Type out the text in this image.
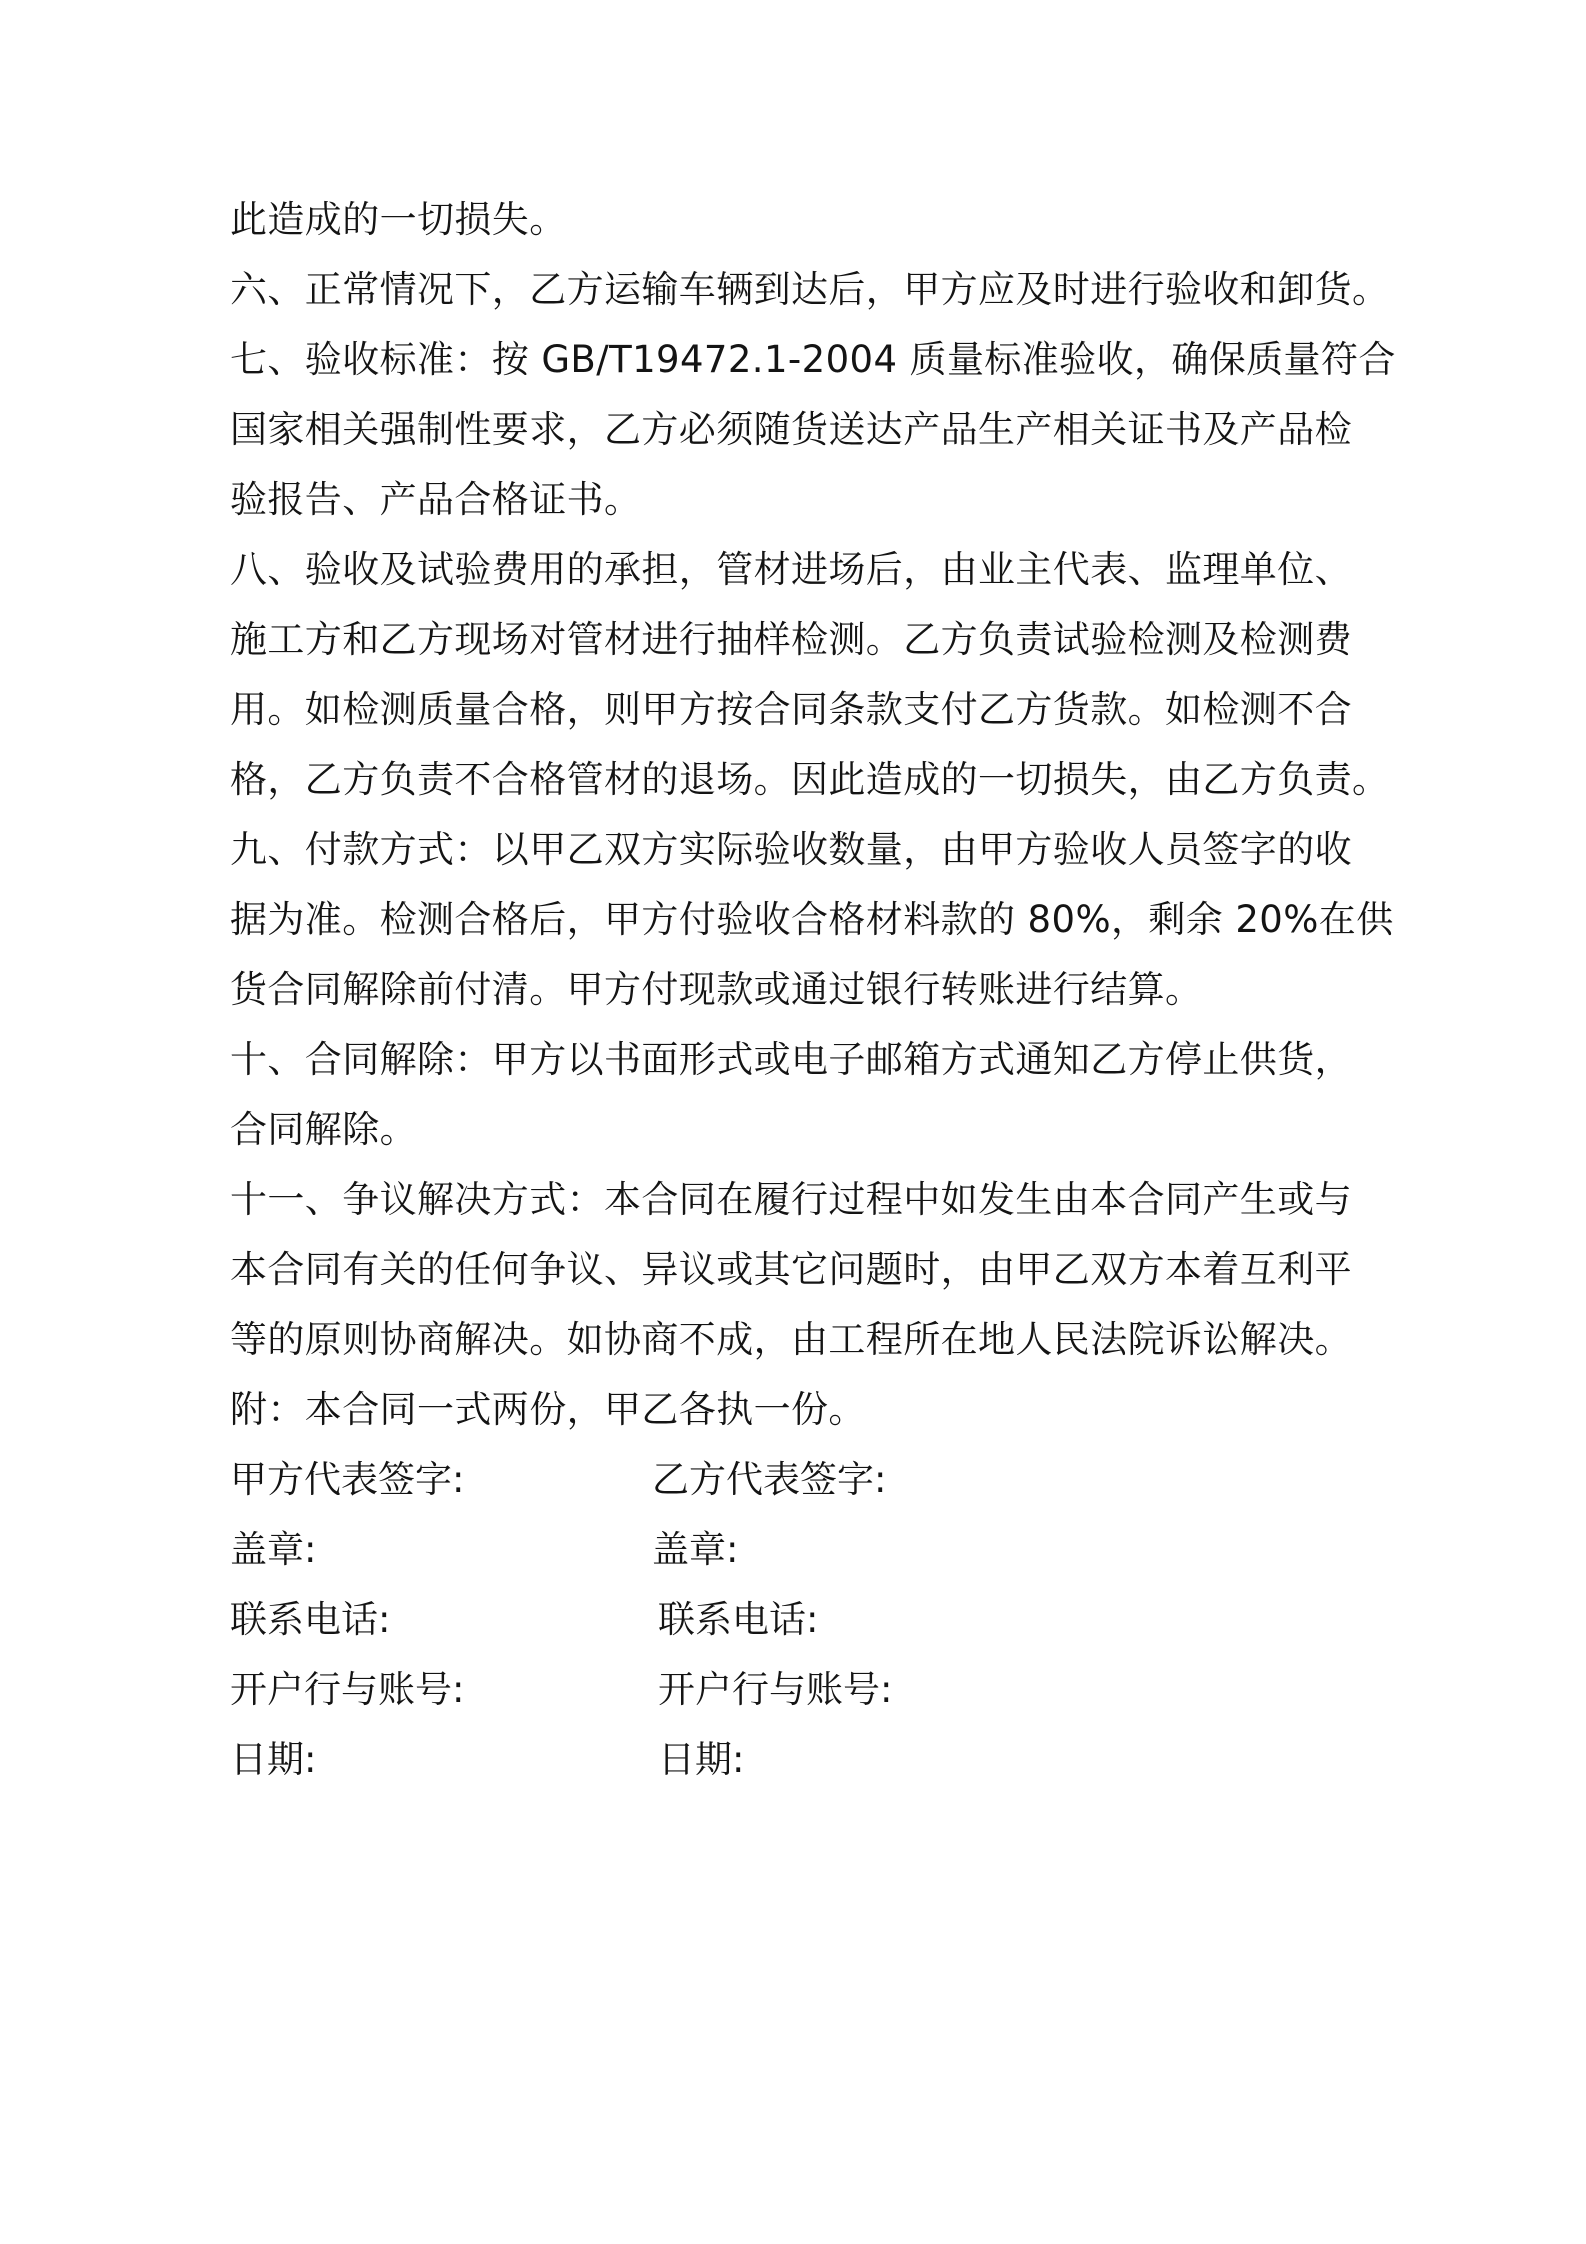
此造成的一切损失。
六、正常情况下，乙方运输车辆到达后，甲方应及时进行验收和卸货。
七、验收标准：按 GB/T19472.1-2004 质量标准验收，确保质量符合
国家相关强制性要求，乙方必须随货送达产品生产相关证书及产品检
验报告、产品合格证书。
八、验收及试验费用的承担，管材进场后，由业主代表、监理单位、
施工方和乙方现场对管材进行抽样检测。乙方负责试验检测及检测费
用。如检测质量合格，则甲方按合同条款支付乙方货款。如检测不合
格，乙方负责不合格管材的退场。因此造成的一切损失，由乙方负责。
九、付款方式：以甲乙双方实际验收数量，由甲方验收人员签字的收
据为准。检测合格后，甲方付验收合格材料款的 80%，剩余 20%在供
货合同解除前付清。甲方付现款或通过银行转账进行结算。
十、合同解除：甲方以书面形式或电子邮箱方式通知乙方停止供货，
合同解除。
十一、争议解决方式：本合同在履行过程中如发生由本合同产生或与
本合同有关的任何争议、异议或其它问题时，由甲乙双方本着互利平
等的原则协商解决。如协商不成，由工程所在地人民法院诉讼解决。
附：本合同一式两份，甲乙各执一份。
甲方代表签字:	乙方代表签字:
盖章:	盖章:
联系电话:	联系电话:
开户行与账号:	开户行与账号:
日期:	日期:
